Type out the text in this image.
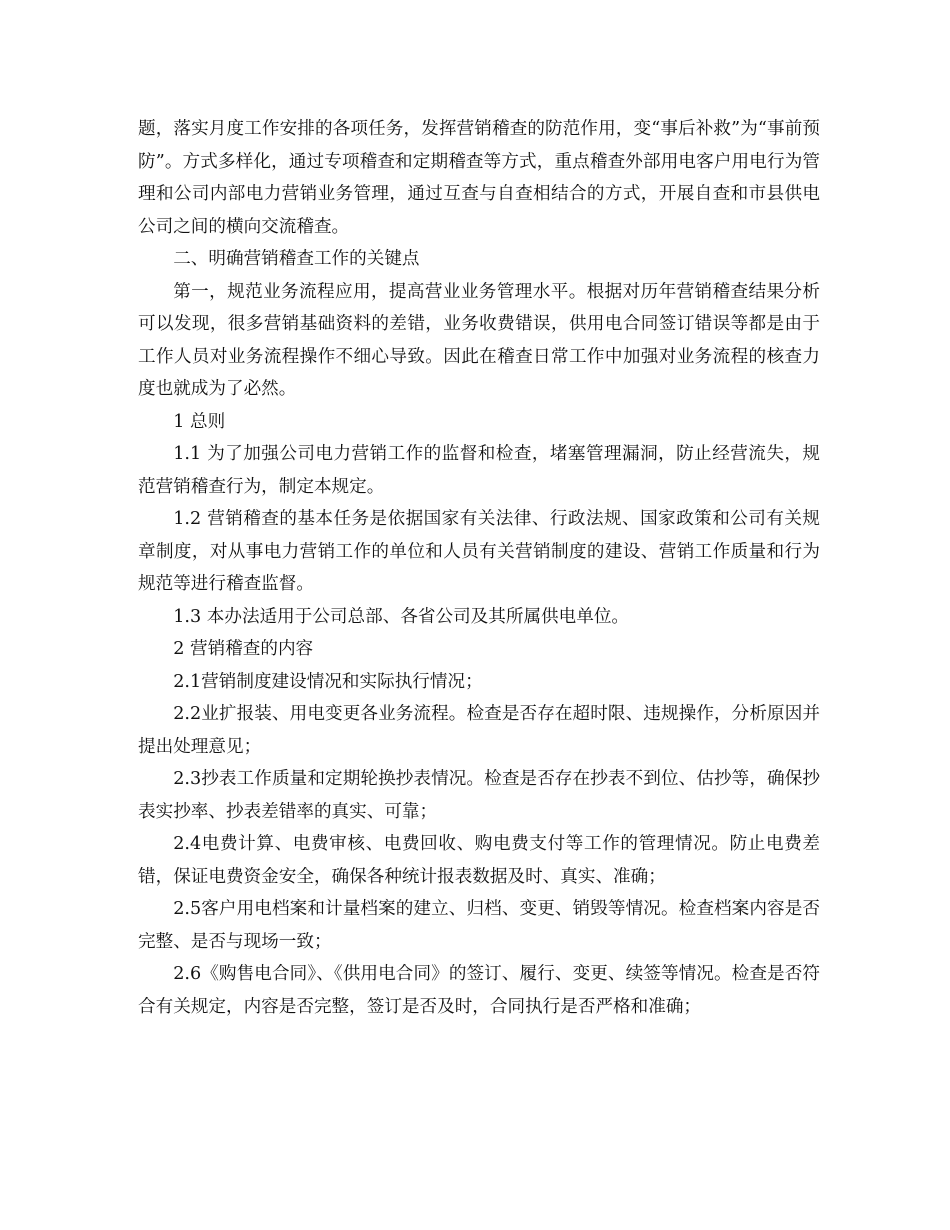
题，落实月度工作安排的各项任务，发挥营销稽查的防范作用，变“事后补救”为“事前预防”。方式多样化，通过专项稽查和定期稽查等方式，重点稽查外部用电客户用电行为管理和公司内部电力营销业务管理，通过互查与自查相结合的方式，开展自查和市县供电公司之间的横向交流稽查。

二、明确营销稽查工作的关键点

第一，规范业务流程应用，提高营业业务管理水平。根据对历年营销稽查结果分析可以发现，很多营销基础资料的差错，业务收费错误，供用电合同签订错误等都是由于工作人员对业务流程操作不细心导致。因此在稽查日常工作中加强对业务流程的核查力度也就成为了必然。

1 总则

1.1 为了加强公司电力营销工作的监督和检查，堵塞管理漏洞，防止经营流失，规范营销稽查行为，制定本规定。

1.2 营销稽查的基本任务是依据国家有关法律、行政法规、国家政策和公司有关规章制度，对从事电力营销工作的单位和人员有关营销制度的建设、营销工作质量和行为规范等进行稽查监督。

1.3 本办法适用于公司总部、各省公司及其所属供电单位。

2 营销稽查的内容

2.1营销制度建设情况和实际执行情况；

2.2业扩报装、用电变更各业务流程。检查是否存在超时限、违规操作，分析原因并提出处理意见；

2.3抄表工作质量和定期轮换抄表情况。检查是否存在抄表不到位、估抄等，确保抄表实抄率、抄表差错率的真实、可靠；

2.4电费计算、电费审核、电费回收、购电费支付等工作的管理情况。防止电费差错，保证电费资金安全，确保各种统计报表数据及时、真实、准确；

2.5客户用电档案和计量档案的建立、归档、变更、销毁等情况。检查档案内容是否完整、是否与现场一致；

2.6《购售电合同》、《供用电合同》的签订、履行、变更、续签等情况。检查是否符合有关规定，内容是否完整，签订是否及时，合同执行是否严格和准确；
